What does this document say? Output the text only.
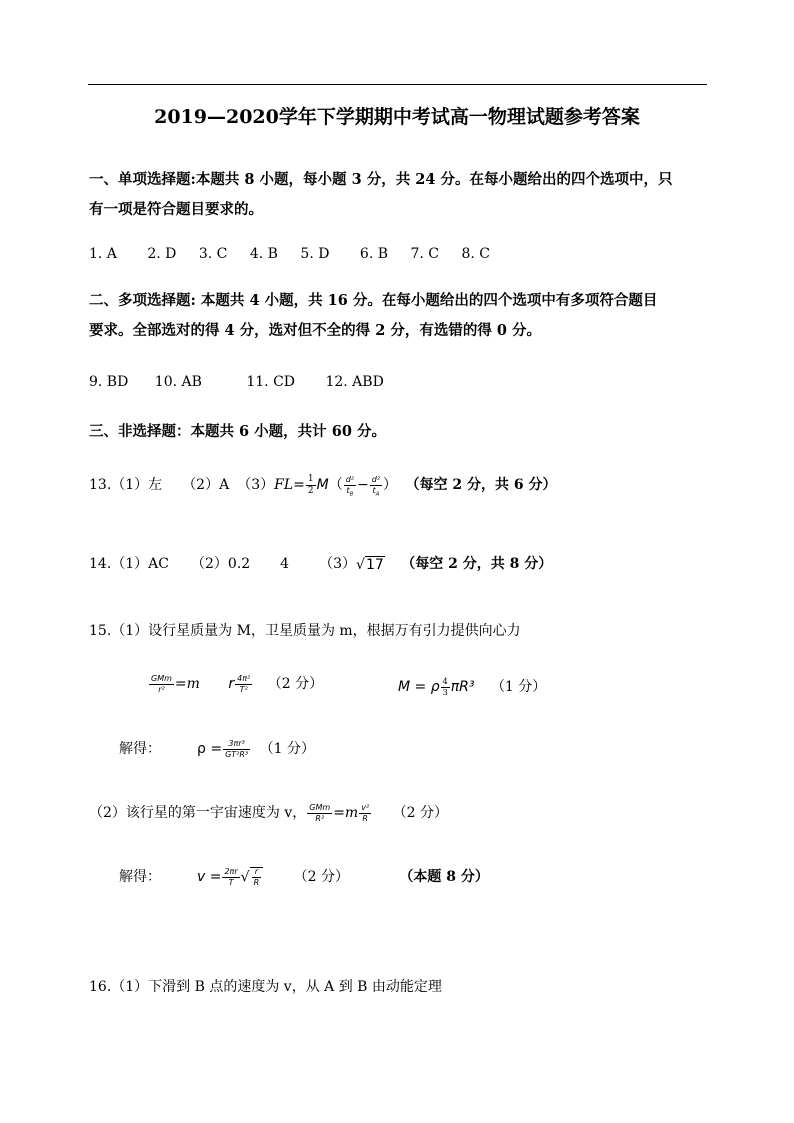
2019—2020学年下学期期中考试高一物理试题参考答案
一、单项选择题:本题共 8 小题，每小题 3 分，共 24 分。在每小题给出的四个选项中，只
有一项是符合题目要求的。
1. A 2. D 3. C 4. B 5. D 6. B 7. C 8. C
二、多项选择题: 本题共 4 小题，共 16 分。在每小题给出的四个选项中有多项符合题目
要求。全部选对的得 4 分，选对但不全的得 2 分，有选错的得 0 分。
9. BD 10. AB	11. CD 12. ABD
三、非选择题：本题共 6 小题，共计 60 分。
13.（1）左 （2）A $(3)FL= \frac{1}{2} M( \frac{\text{d²}}{t_B} - \frac{\text{d²}}{t_A}$ ） （每空 2 分，共 6 分）
14.（1）AC （2）0.2 4 （3）√17 （每空 2 分，共 8 分）
15.（1）设行星质量为 M，卫星质量为 m，根据万有引力提供向心力
$\frac{\text{GMm}}{\text{r²}} =m$ r $\frac{\text{4π²}}{\text{T²}} (2$ 分）	M = ρ $\frac{4}{3} \pi R^3$ （1 分）
解得：	$\rho = \frac{\text{3πr³}}{\text{GT²R³}} (1$ 分）
（2）该行星的第一宇宙速度为 v， $\frac{\text{GMm}}{\text{R²}} =m \frac{\text{v²}}{R} (2$ 分）
解得：	$v = \frac{2\pi r}{T}$ √ $\frac{r}{R} (2$ 分）	（本题 8 分）
16.（1）下滑到 B 点的速度为 v，从 A 到 B 由动能定理
